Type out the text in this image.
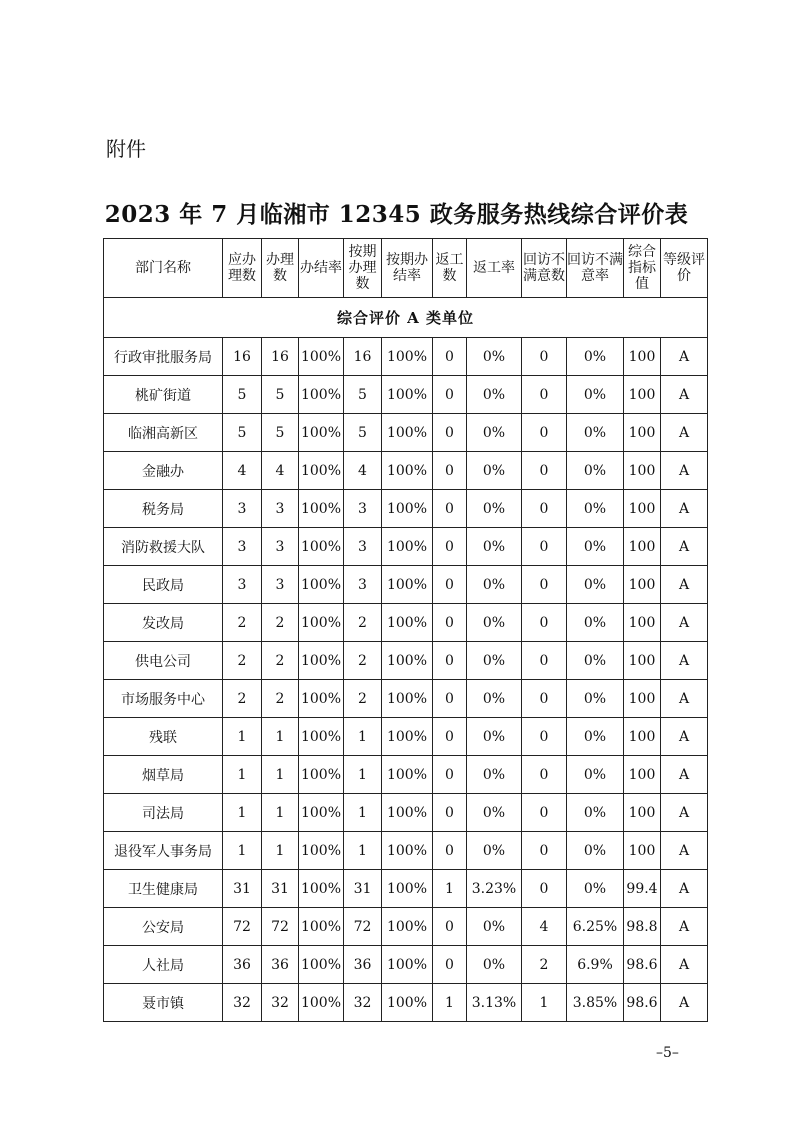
附件
2023 年 7 月临湘市 12345 政务服务热线综合评价表
部门名称	应办理数	办理数	办结率	按期办理数	按期办结率	返工数	返工率	回访不满意数	回访不满意率	综合指标值	等级评价
综合评价 A 类单位											
行政审批服务局	16	16	100%	16	100%	0	0%	0	0%	100	A
桃矿街道	5	5	100%	5	100%	0	0%	0	0%	100	A
临湘高新区	5	5	100%	5	100%	0	0%	0	0%	100	A
金融办	4	4	100%	4	100%	0	0%	0	0%	100	A
税务局	3	3	100%	3	100%	0	0%	0	0%	100	A
消防救援大队	3	3	100%	3	100%	0	0%	0	0%	100	A
民政局	3	3	100%	3	100%	0	0%	0	0%	100	A
发改局	2	2	100%	2	100%	0	0%	0	0%	100	A
供电公司	2	2	100%	2	100%	0	0%	0	0%	100	A
市场服务中心	2	2	100%	2	100%	0	0%	0	0%	100	A
残联	1	1	100%	1	100%	0	0%	0	0%	100	A
烟草局	1	1	100%	1	100%	0	0%	0	0%	100	A
司法局	1	1	100%	1	100%	0	0%	0	0%	100	A
退役军人事务局	1	1	100%	1	100%	0	0%	0	0%	100	A
卫生健康局	31	31	100%	31	100%	1	3.23%	0	0%	99.4	A
公安局	72	72	100%	72	100%	0	0%	4	6.25%	98.8	A
人社局	36	36	100%	36	100%	0	0%	2	6.9%	98.6	A
聂市镇	32	32	100%	32	100%	1	3.13%	1	3.85%	98.6	A
–5–
